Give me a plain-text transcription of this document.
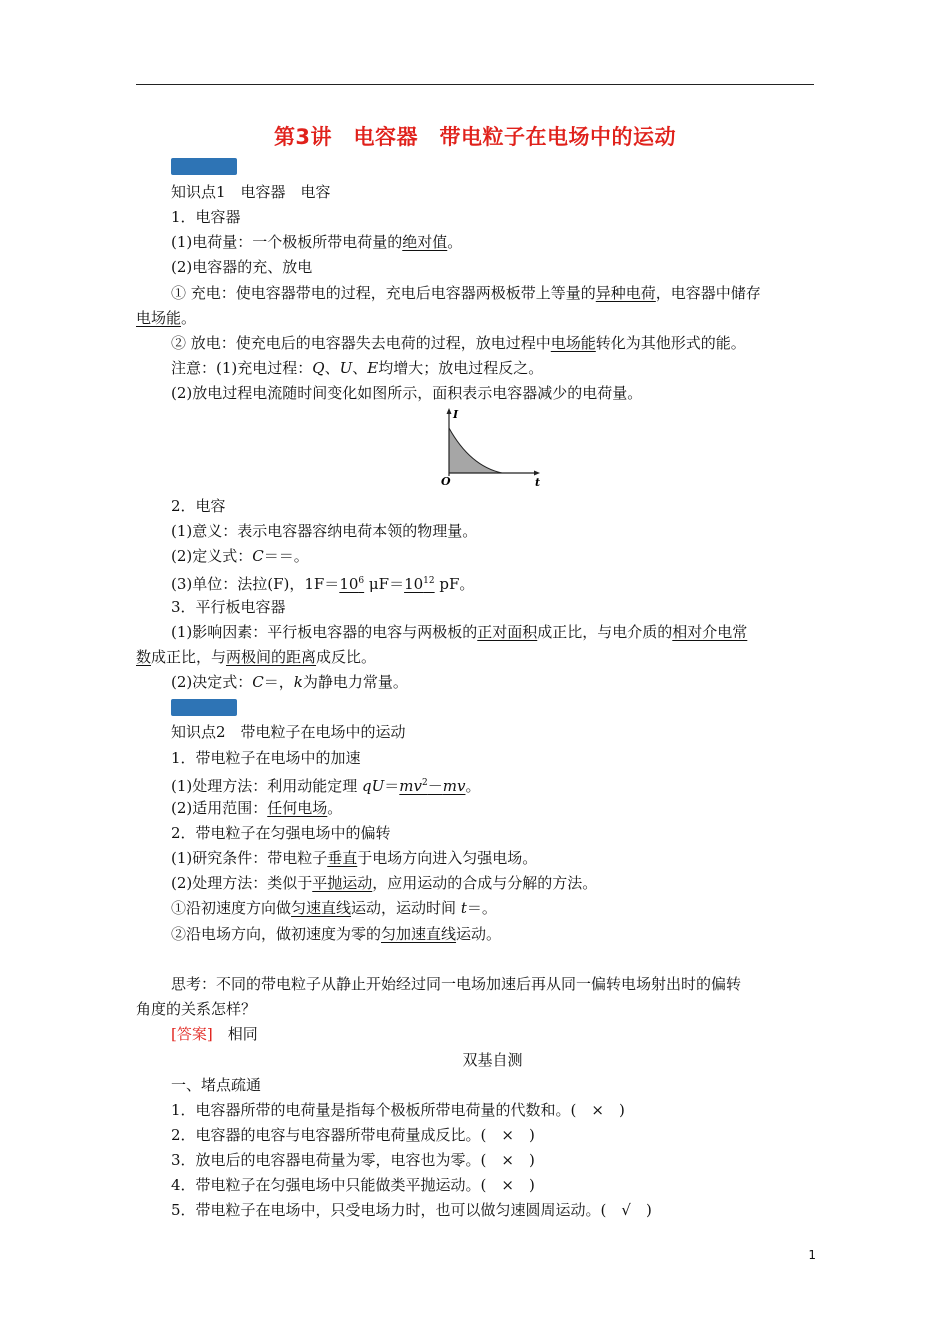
第3讲　电容器　带电粒子在电场中的运动
知识点1　电容器　电容
1．电容器
(1)电荷量：一个极板所带电荷量的绝对值。
(2)电容器的充、放电
① 充电：使电容器带电的过程，充电后电容器两极板带上等量的异种电荷，电容器中储存
电场能。
② 放电：使充电后的电容器失去电荷的过程，放电过程中电场能转化为其他形式的能。
注意：(1)充电过程：Q、U、E均增大；放电过程反之。
(2)放电过程电流随时间变化如图所示，面积表示电容器减少的电荷量。
I
t
O
2．电容
(1)意义：表示电容器容纳电荷本领的物理量。
(2)定义式：C＝＝。
(3)单位：法拉(F)，$1F=10^6$ $\mu F=10^{12}$ pF。
3．平行板电容器
(1)影响因素：平行板电容器的电容与两极板的正对面积成正比，与电介质的相对介电常
数成正比，与两极间的距离成反比。
(2)决定式：C＝，k为静电力常量。
知识点2　带电粒子在电场中的运动
1．带电粒子在电场中的加速
(1)处理方法：利用动能定理 $qU=mv^2-mv$。
(2)适用范围：任何电场。
2．带电粒子在匀强电场中的偏转
(1)研究条件：带电粒子垂直于电场方向进入匀强电场。
(2)处理方法：类似于平抛运动，应用运动的合成与分解的方法。
①沿初速度方向做匀速直线运动，运动时间 t＝。
②沿电场方向，做初速度为零的匀加速直线运动。
思考：不同的带电粒子从静止开始经过同一电场加速后再从同一偏转电场射出时的偏转
角度的关系怎样？
[答案]　 相同
双基自测
一、堵点疏通
1．电容器所带的电荷量是指每个极板所带电荷量的代数和。(　×　)
2．电容器的电容与电容器所带电荷量成反比。(　×　)
3．放电后的电容器电荷量为零，电容也为零。(　×　)
4．带电粒子在匀强电场中只能做类平抛运动。(　×　)
5．带电粒子在电场中，只受电场力时，也可以做匀速圆周运动。(　√　)
1
